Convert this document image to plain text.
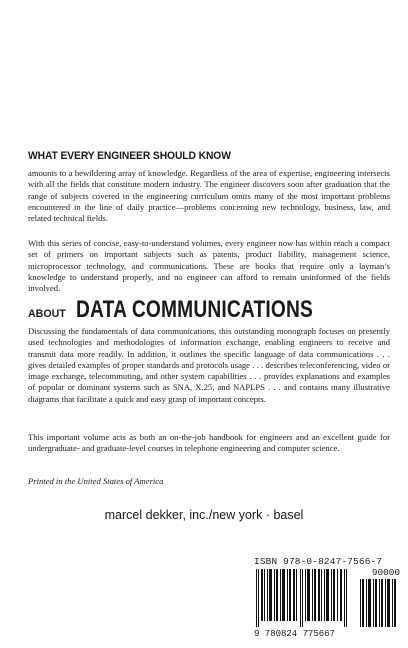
WHAT EVERY ENGINEER SHOULD KNOW
amounts to a bewildering array of knowledge. Regardless of the area of expertise, engineering intersects with all the fields that constitute modern industry. The engineer discovers soon after graduation that the range of subjects covered in the engineering curriculum omits many of the most important problems encountered in the line of daily practice—problems concerning new technology, business, law, and related technical fields.
With this series of concise, easy-to-understand volumes, every engineer now has within reach a compact set of primers on important subjects such as patents, product liability, management science, microprocessor technology, and communications. These are books that require only a layman’s knowledge to understand properly, and no engineer can afford to remain uninformed of the fields involved.
ABOUT DATA COMMUNICATIONS
Discussing the fundamentals of data communications, this outstanding monograph focuses on presently used technologies and methodologies of information exchange, enabling engineers to receive and transmit data more readily. In addition, it outlines the specific language of data communications . . . gives detailed examples of proper standards and protocols usage . . . describes teleconferencing, video or image exchange, telecommuting, and other system capabilities . . . provides explanations and examples of popular or dominant systems such as SNA, X.25, and NAPLPS . . . and contains many illustrative diagrams that facilitate a quick and easy grasp of important concepts.
This important volume acts as both an on-the-job handbook for engineers and an excellent guide for undergraduate- and graduate-level courses in telephone engineering and computer science.
Printed in the United States of America
marcel dekker, inc./new york · basel
ISBN 978-0-8247-7566-7
90000
9 780824 775667
